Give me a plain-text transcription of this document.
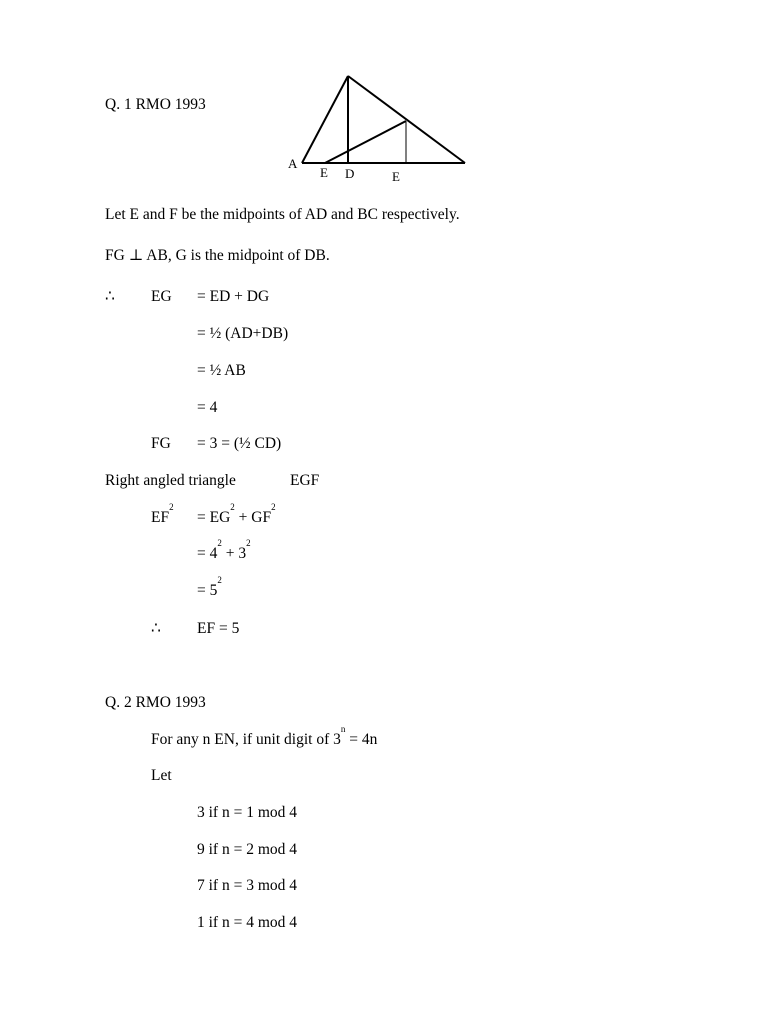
Q. 1 RMO 1993
A
E D	E
Let E and F be the midpoints of AD and BC respectively.
FG ⊥ AB, G is the midpoint of DB.
∴ EG = ED + DG
= ½ (AD+DB)
= ½ AB
= 4
FG = 3 = (½ CD)
Right angled triangle	EGF
$EF^2$
= $EG^2 + GF^2$
= $4^2 + 3^2$
= $5^2$
∴ EF = 5
Q. 2 RMO 1993
For any n EN, if unit digit of $3^n = 4n$
Let
3 if n = 1 mod 4
9 if n = 2 mod 4
7 if n = 3 mod 4
1 if n = 4 mod 4
